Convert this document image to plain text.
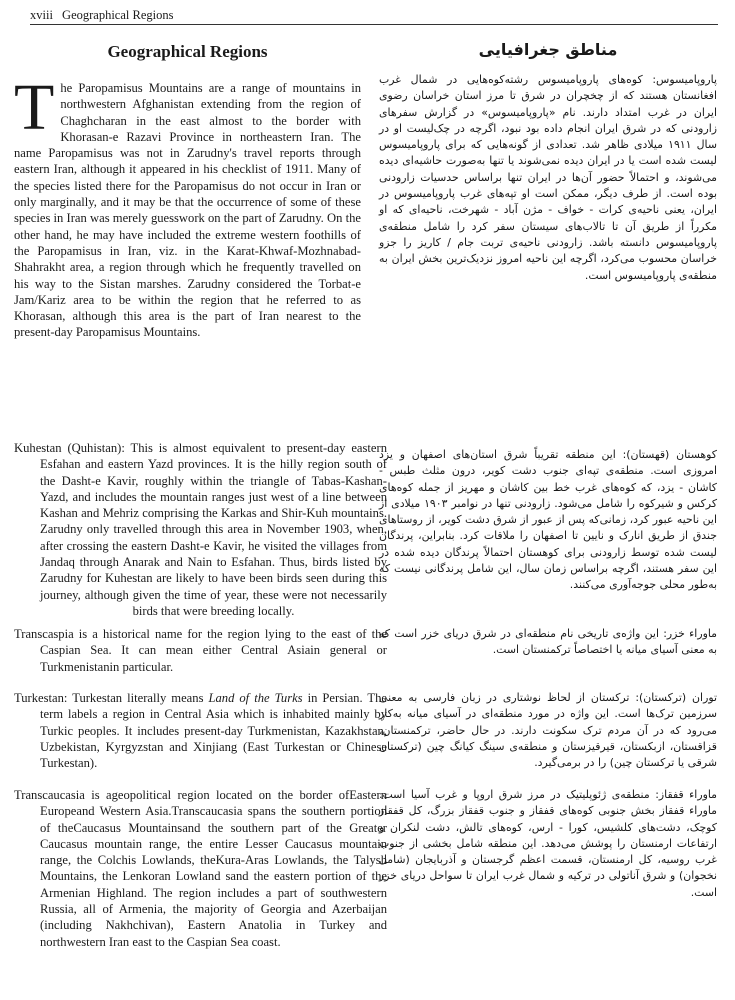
xviii Geographical Regions
Geographical Regions	مناطق جغرافیایی
The Paropamisus Mountains are a range of mountains in northwestern Afghanistan extending from the region of Chaghcharan in the east almost to the border with Khorasan-e Razavi Province in northeastern Iran. The name Paropamisus was not in Zarudny's travel reports through eastern Iran, although it appeared in his checklist of 1911. Many of the species listed there for the Paropamisus do not occur in Iran or only marginally, and it may be that the occurrence of some of these species in Iran was merely guesswork on the part of Zarudny. On the other hand, he may have included the extreme western foothills of the Paropamisus in Iran, viz. in the Karat-Khwaf-Mozhnabad-Shahrakht area, a region through which he frequently travelled on his way to the Sistan marshes. Zarudny considered the Torbat-e Jam/Kariz area to be within the region that he referred to as Khorasan, although this area is the part of Iran nearest to the present-day Paropamisus Mountains.

پاروپامیسوس: کوه‌های پاروپامیسوس رشته‌کوه‌هایی در شمال غرب افغانستان هستند که از چخچران در شرق تا مرز استان خراسان رضوی ایران در غرب امتداد دارند. نام «پاروپامیسوس» در گزارش سفرهای زارودنی که در شرق ایران انجام داده بود نبود، اگرچه در چک‌لیست او در سال ۱۹۱۱ میلادی ظاهر شد. تعدادی از گونه‌هایی که برای پاروپامیسوس لیست شده است یا در ایران دیده نمی‌شوند یا تنها به‌صورت حاشیه‌ای دیده می‌شوند، و احتمالاً حضور آن‌ها در ایران تنها براساس حدسیات زارودنی بوده است. از طرف دیگر، ممکن است او تپه‌های غرب پاروپامیسوس در ایران، یعنی ناحیه‌ی کرات - خواف - مژن آباد - شهرخت، ناحیه‌ای که او مکرراً از طریق آن تا تالاب‌های سیستان سفر کرد را شامل منطقه‌ی پاروپامیسوس دانسته باشد. زارودنی ناحیه‌ی تربت جام / کاریز را جزو خراسان محسوب می‌کرد، اگرچه این ناحیه امروز نزدیک‌ترین بخش ایران به منطقه‌ی پاروپامیسوس است.

Kuhestan (Quhistan): This is almost equivalent to present-day eastern Esfahan and eastern Yazd provinces. It is the hilly region south of the Dasht-e Kavir, roughly within the triangle of Tabas-Kashan-Yazd, and includes the mountain ranges just west of a line between Kashan and Mehriz comprising the Karkas and Shir-Kuh mountains. Zarudny only travelled through this area in November 1903, when, after crossing the eastern Dasht-e Kavir, he visited the villages from Jandaq through Anarak and Nain to Esfahan. Thus, birds listed by Zarudny for Kuhestan are likely to have been birds seen during this journey, although given the time of year, these were not necessarily birds that were breeding locally.

کوهستان (قهستان): این منطقه تقریباً شرق استان‌های اصفهان و یزد امروزی است. منطقه‌ی تپه‌ای جنوب دشت کویر، درون مثلث طبس - کاشان - یزد، که کوه‌های غرب خط بین کاشان و مهریز از جمله کوه‌های کرکس و شیرکوه را شامل می‌شود. زارودنی تنها در نوامبر ۱۹۰۳ میلادی از این ناحیه عبور کرد، زمانی‌که پس از عبور از شرق دشت کویر، از روستاهای جندق از طریق انارک و نایین تا اصفهان را ملاقات کرد. بنابراین، پرندگان لیست شده توسط زارودنی برای کوهستان احتمالاً پرندگان دیده شده در این سفر هستند، اگرچه براساس زمان سال، این شامل پرندگانی نیست که به‌طور محلی جوجه‌آوری می‌کنند.

Transcaspia is a historical name for the region lying to the east of the Caspian Sea. It can mean either Central Asiain general or Turkmenistanin particular.

ماوراء خزر: این واژه‌ی تاریخی نام منطقه‌ای در شرق دریای خزر است که به معنی آسیای میانه یا اختصاصاً ترکمنستان است.

Turkestan: Turkestan literally means Land of the Turks in Persian. The term labels a region in Central Asia which is inhabited mainly by Turkic peoples. It includes present-day Turkmenistan, Kazakhstan, Uzbekistan, Kyrgyzstan and Xinjiang (East Turkestan or Chinese Turkestan).

توران (ترکستان): ترکستان از لحاظ نوشتاری در زبان فارسی به معنی سرزمین ترک‌ها است. این واژه در مورد منطقه‌ای در آسیای میانه به‌کار می‌رود که در آن مردم ترک سکونت دارند. در حال حاضر، ترکمنستان، قزاقستان، ازبکستان، قیرقیزستان و منطقه‌ی سینگ کیانگ چین (ترکستان شرقی یا ترکستان چین) را در برمی‌گیرد.

Transcaucasia is ageopolitical region located on the border ofEastern Europeand Western Asia.Transcaucasia spans the southern portion of theCaucasus Mountainsand the southern part of the Greater Caucasus mountain range, the entire Lesser Caucasus mountain range, the Colchis Lowlands, theKura-Aras Lowlands, the Talysh Mountains, the Lenkoran Lowland sand the eastern portion of the Armenian Highland. The region includes a part of southwestern Russia, all of Armenia, the majority of Georgia and Azerbaijan (including Nakhchivan), Eastern Anatolia in Turkey and northwestern Iran east to the Caspian Sea coast.

ماوراء قفقاز: منطقه‌ی ژئوپلیتیک در مرز شرق اروپا و غرب آسیا است. ماوراء قفقاز بخش جنوبی کوه‌های قفقاز و جنوب قفقاز بزرگ، کل قفقاز کوچک، دشت‌های کلشیس، کورا - ارس، کوه‌های تالش، دشت لنکران و ارتفاعات ارمنستان را پوشش می‌دهد. این منطقه شامل بخشی از جنوب غرب روسیه، کل ارمنستان، قسمت اعظم گرجستان و آذربایجان (شامل نخجوان) و شرق آناتولی در ترکیه و شمال غرب ایران تا سواحل دریای خزر است.
